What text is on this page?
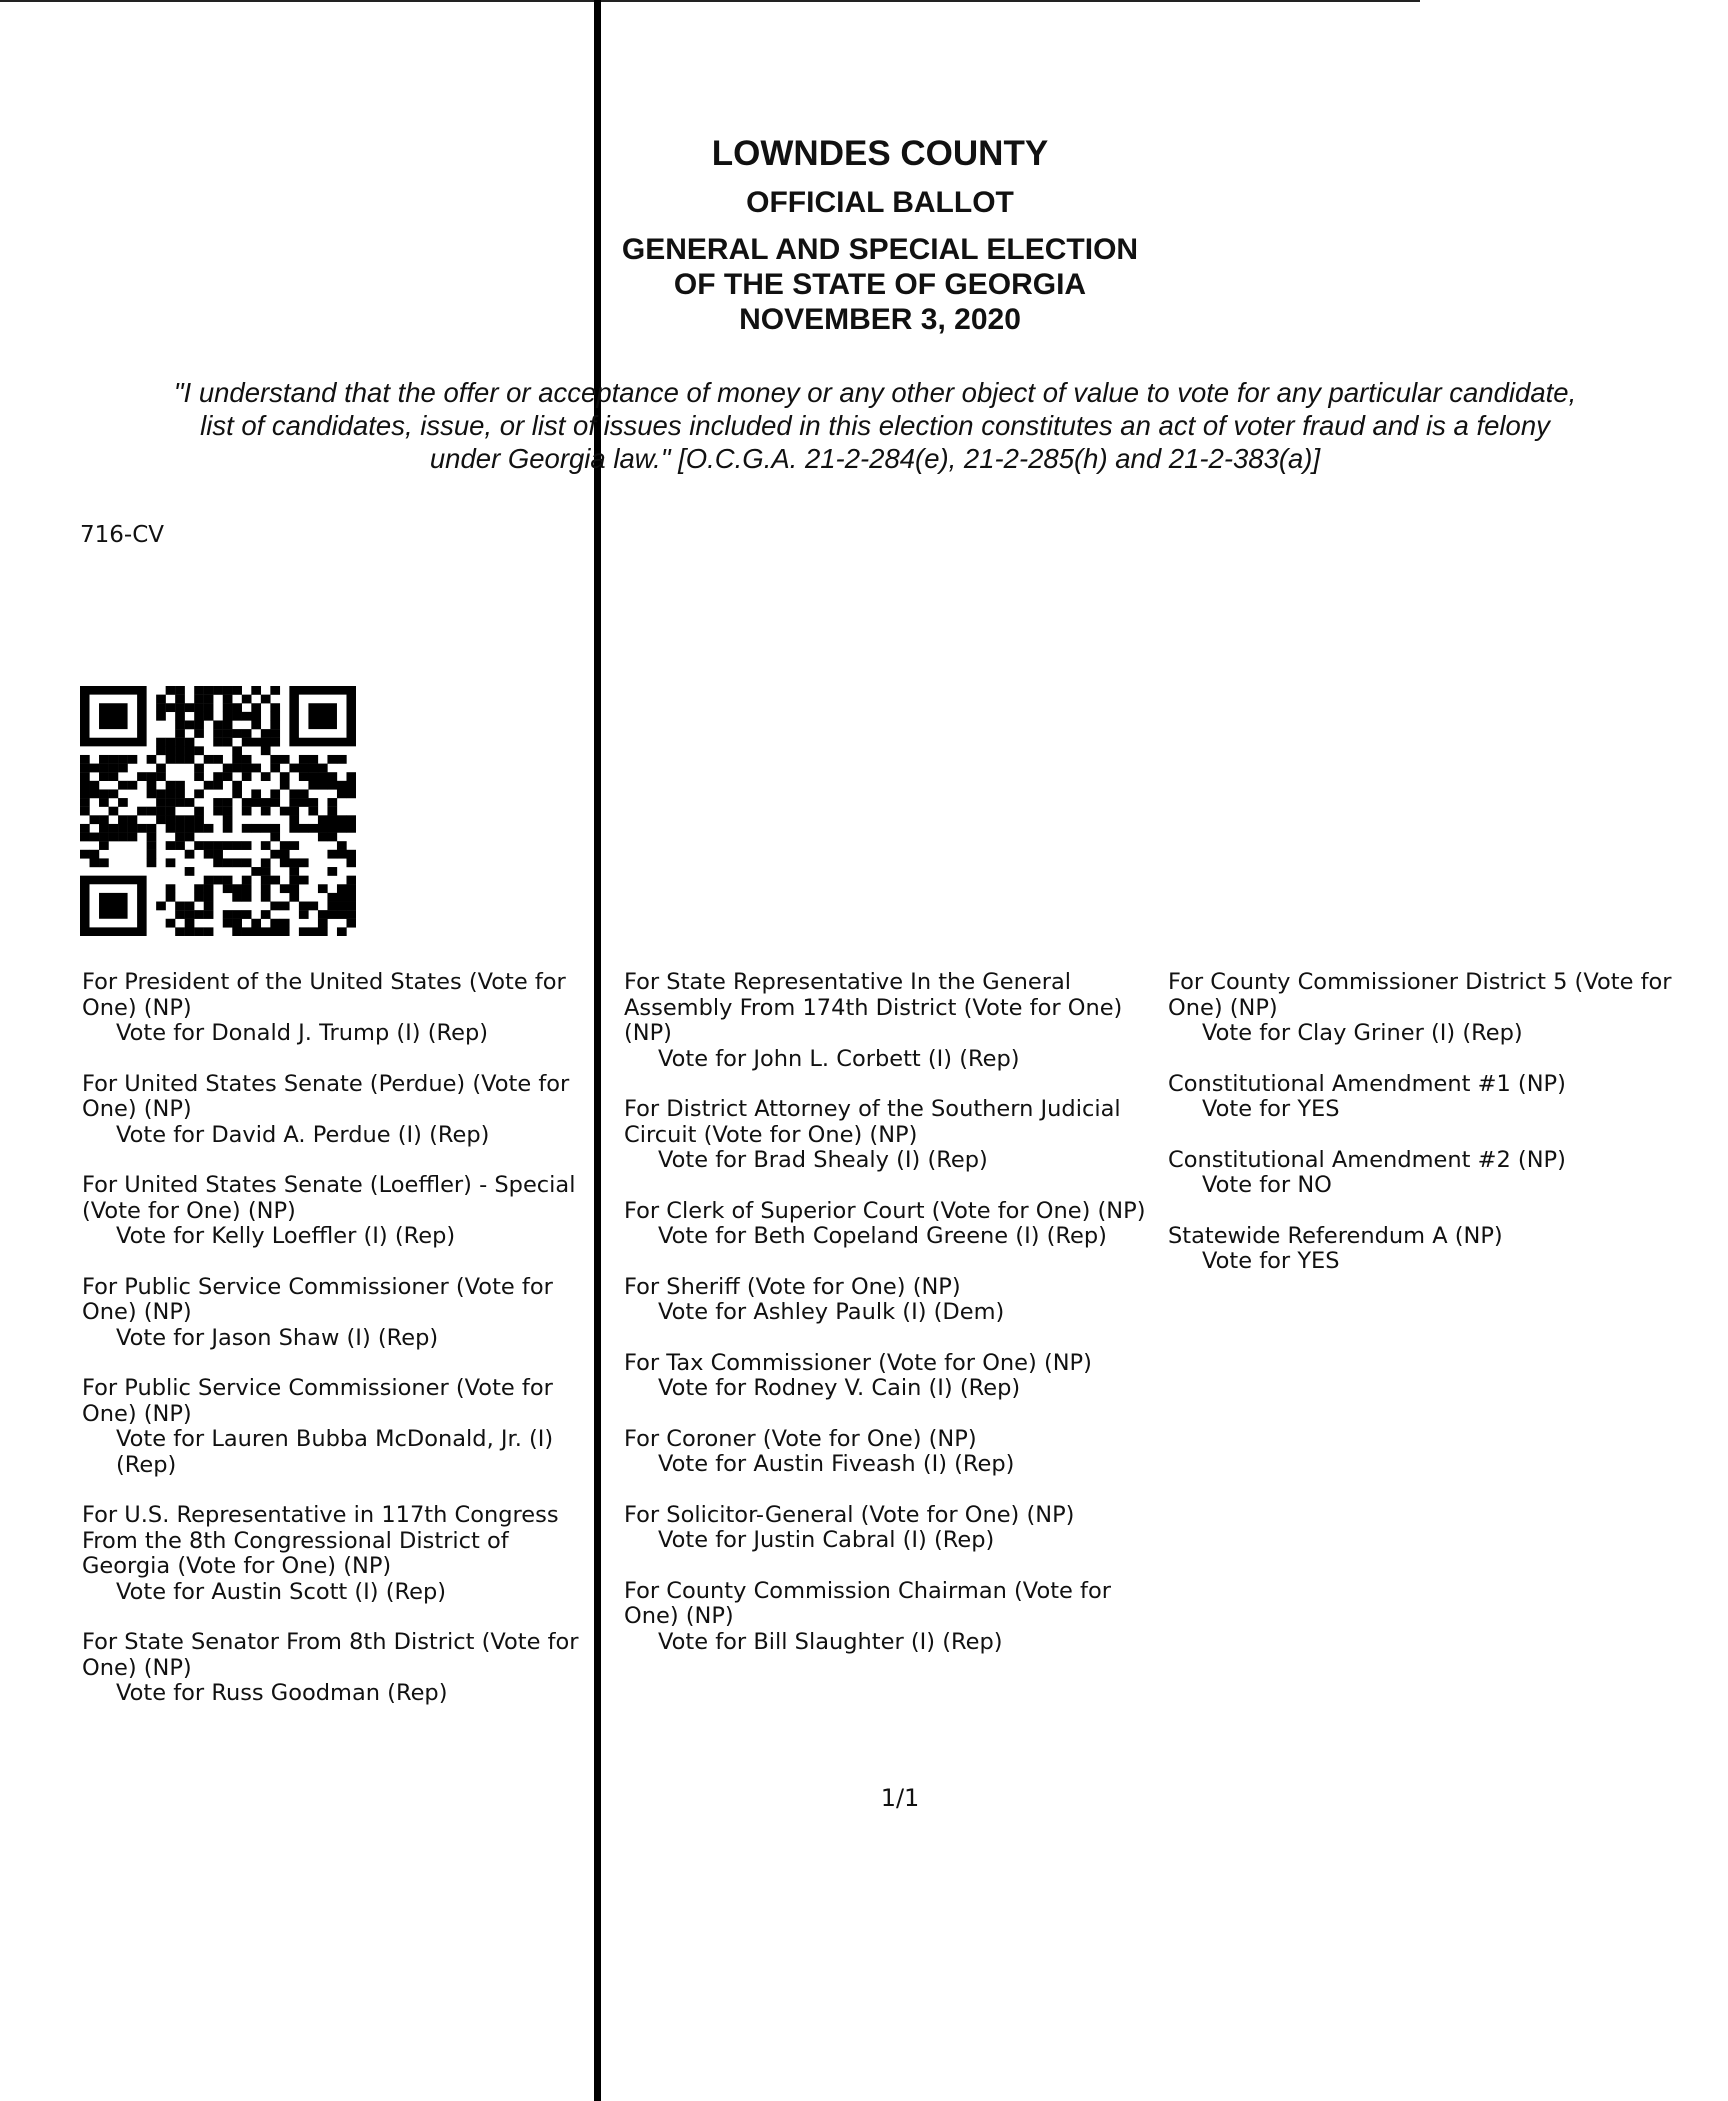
LOWNDES COUNTY
OFFICIAL BALLOT
GENERAL AND SPECIAL ELECTION
OF THE STATE OF GEORGIA
NOVEMBER 3, 2020
"I understand that the offer or acceptance of money or any other object of value to vote for any particular candidate,
list of candidates, issue, or list of issues included in this election constitutes an act of voter fraud and is a felony
under Georgia law." [O.C.G.A. 21-2-284(e), 21-2-285(h) and 21-2-383(a)]
716-CV
For President of the United States (Vote for One) (NP)
Vote for Donald J. Trump (I) (Rep)
For United States Senate (Perdue) (Vote for One) (NP)
Vote for David A. Perdue (I) (Rep)
For United States Senate (Loeffler) - Special (Vote for One) (NP)
Vote for Kelly Loeffler (I) (Rep)
For Public Service Commissioner (Vote for One) (NP)
Vote for Jason Shaw (I) (Rep)
For Public Service Commissioner (Vote for One) (NP)
Vote for Lauren Bubba McDonald, Jr. (I) (Rep)
For U.S. Representative in 117th Congress From the 8th Congressional District of Georgia (Vote for One) (NP)
Vote for Austin Scott (I) (Rep)
For State Senator From 8th District (Vote for One) (NP)
Vote for Russ Goodman (Rep)
For State Representative In the General Assembly From 174th District (Vote for One) (NP)
Vote for John L. Corbett (I) (Rep)
For District Attorney of the Southern Judicial Circuit (Vote for One) (NP)
Vote for Brad Shealy (I) (Rep)
For Clerk of Superior Court (Vote for One) (NP)
Vote for Beth Copeland Greene (I) (Rep)
For Sheriff (Vote for One) (NP)
Vote for Ashley Paulk (I) (Dem)
For Tax Commissioner (Vote for One) (NP)
Vote for Rodney V. Cain (I) (Rep)
For Coroner (Vote for One) (NP)
Vote for Austin Fiveash (I) (Rep)
For Solicitor-General (Vote for One) (NP)
Vote for Justin Cabral (I) (Rep)
For County Commission Chairman (Vote for One) (NP)
Vote for Bill Slaughter (I) (Rep)
For County Commissioner District 5 (Vote for One) (NP)
Vote for Clay Griner (I) (Rep)
Constitutional Amendment #1 (NP)
Vote for YES
Constitutional Amendment #2 (NP)
Vote for NO
Statewide Referendum A (NP)
Vote for YES
1/1
